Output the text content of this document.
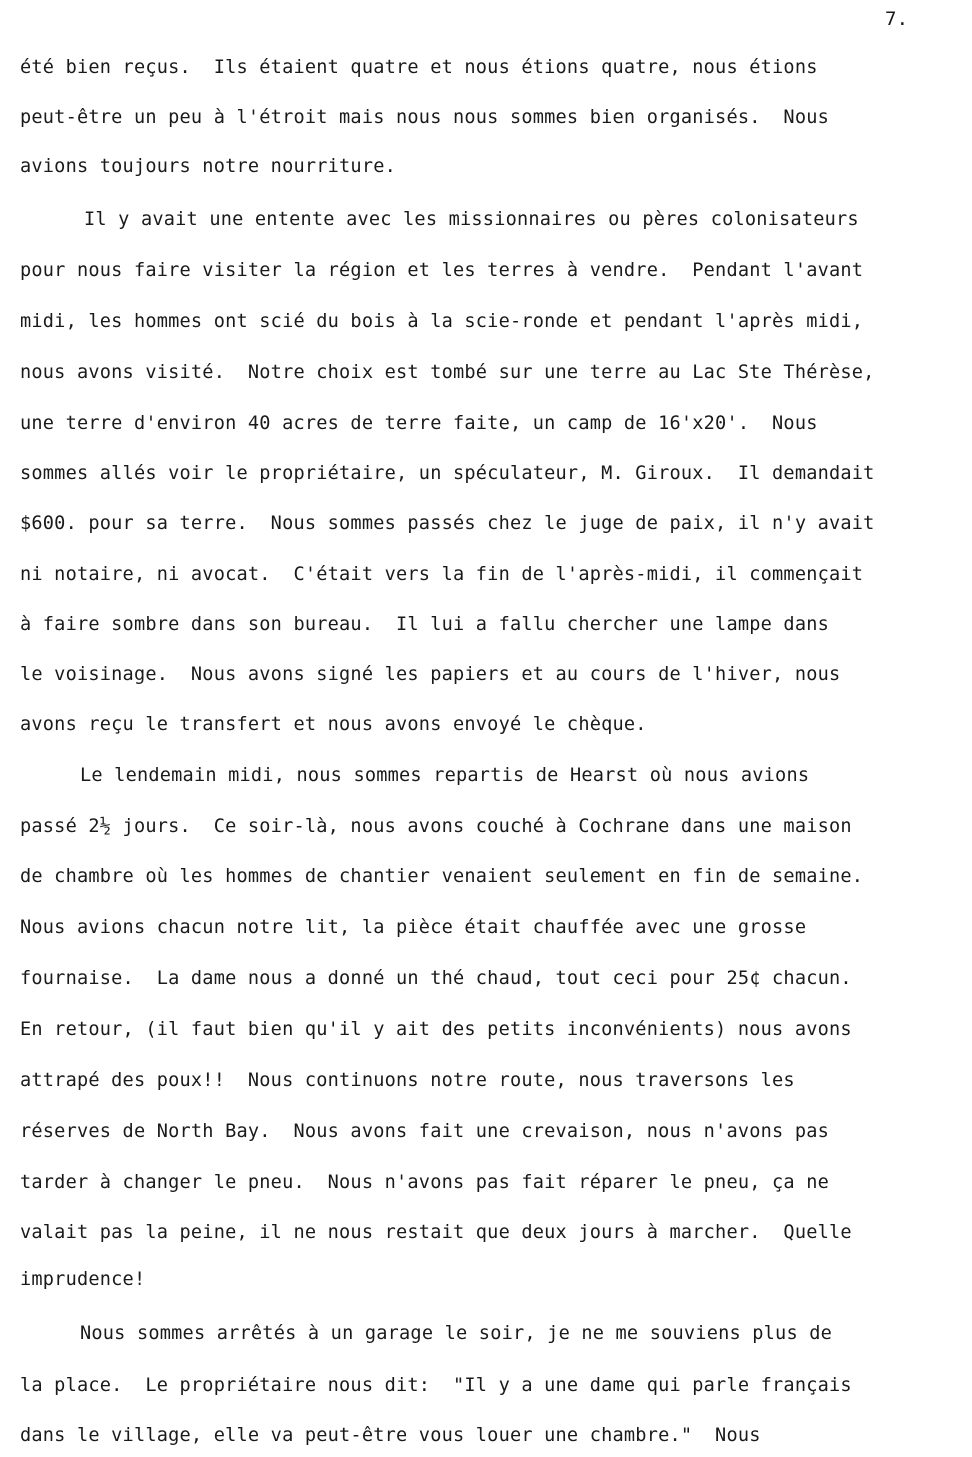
7.
été bien reçus.  Ils étaient quatre et nous étions quatre, nous étions
peut-être un peu à l'étroit mais nous nous sommes bien organisés.  Nous
avions toujours notre nourriture.
Il y avait une entente avec les missionnaires ou pères colonisateurs
pour nous faire visiter la région et les terres à vendre.  Pendant l'avant
midi, les hommes ont scié du bois à la scie-ronde et pendant l'après midi,
nous avons visité.  Notre choix est tombé sur une terre au Lac Ste Thérèse,
une terre d'environ 40 acres de terre faite, un camp de 16'x20'.  Nous
sommes allés voir le propriétaire, un spéculateur, M. Giroux.  Il demandait
$600. pour sa terre.  Nous sommes passés chez le juge de paix, il n'y avait
ni notaire, ni avocat.  C'était vers la fin de l'après-midi, il commençait
à faire sombre dans son bureau.  Il lui a fallu chercher une lampe dans
le voisinage.  Nous avons signé les papiers et au cours de l'hiver, nous
avons reçu le transfert et nous avons envoyé le chèque.
Le lendemain midi, nous sommes repartis de Hearst où nous avions
passé 2½ jours.  Ce soir-là, nous avons couché à Cochrane dans une maison
de chambre où les hommes de chantier venaient seulement en fin de semaine.
Nous avions chacun notre lit, la pièce était chauffée avec une grosse
fournaise.  La dame nous a donné un thé chaud, tout ceci pour 25¢ chacun.
En retour, (il faut bien qu'il y ait des petits inconvénients) nous avons
attrapé des poux!!  Nous continuons notre route, nous traversons les
réserves de North Bay.  Nous avons fait une crevaison, nous n'avons pas
tarder à changer le pneu.  Nous n'avons pas fait réparer le pneu, ça ne
valait pas la peine, il ne nous restait que deux jours à marcher.  Quelle
imprudence!
Nous sommes arrêtés à un garage le soir, je ne me souviens plus de
la place.  Le propriétaire nous dit:  "Il y a une dame qui parle français
dans le village, elle va peut-être vous louer une chambre."  Nous
